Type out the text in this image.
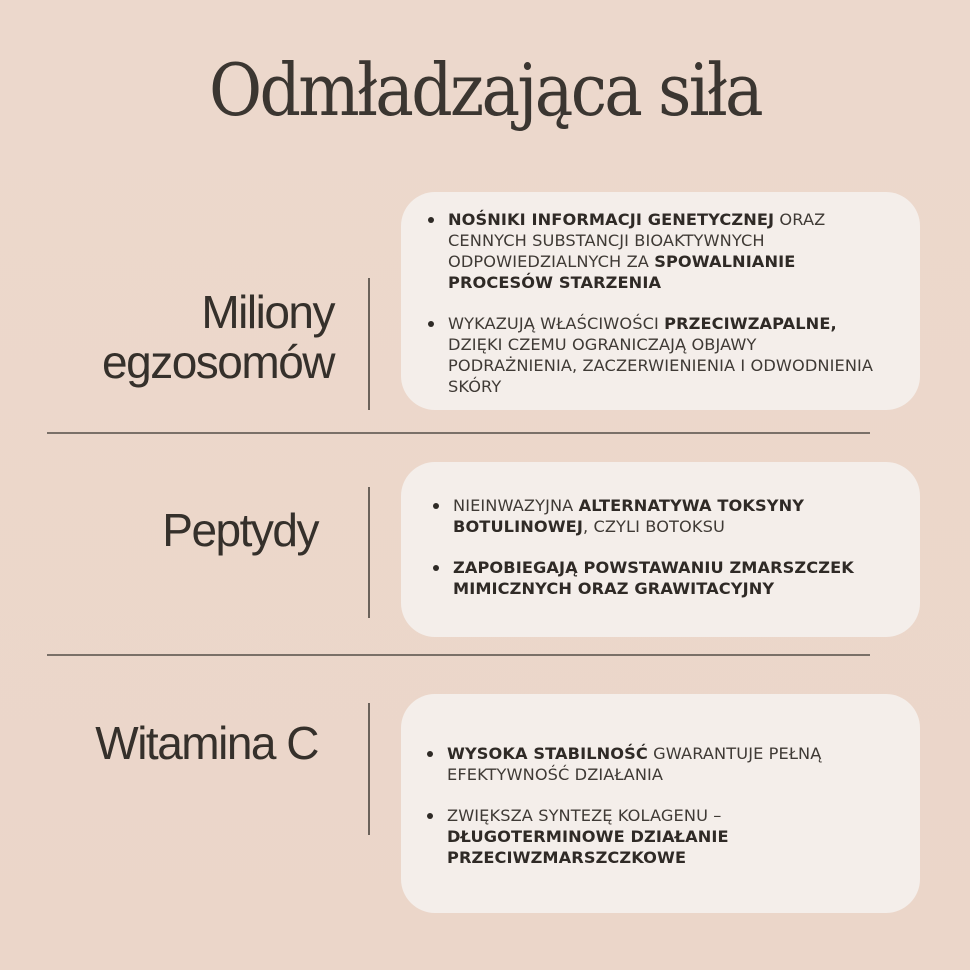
Odmładzająca siła
Miliony
egzosomów
NOŚNIKI INFORMACJI GENETYCZNEJ ORAZ CENNYCH SUBSTANCJI BIOAKTYWNYCH ODPOWIEDZIALNYCH ZA SPOWALNIANIE PROCESÓW STARZENIA
WYKAZUJĄ WŁAŚCIWOŚCI PRZECIWZAPALNE, DZIĘKI CZEMU OGRANICZAJĄ OBJAWY PODRAŻNIENIA, ZACZERWIENIENIA I ODWODNIENIA SKÓRY
Peptydy	NIEINWAZYJNA ALTERNATYWA TOKSYNY BOTULINOWEJ, CZYLI BOTOKSU
ZAPOBIEGAJĄ POWSTAWANIU ZMARSZCZEK MIMICZNYCH ORAZ GRAWITACYJNY
Witamina C	WYSOKA STABILNOŚĆ GWARANTUJE PEŁNĄ EFEKTYWNOŚĆ DZIAŁANIA
ZWIĘKSZA SYNTEZĘ KOLAGENU – DŁUGOTERMINOWE DZIAŁANIE PRZECIWZMARSZCZKOWE
